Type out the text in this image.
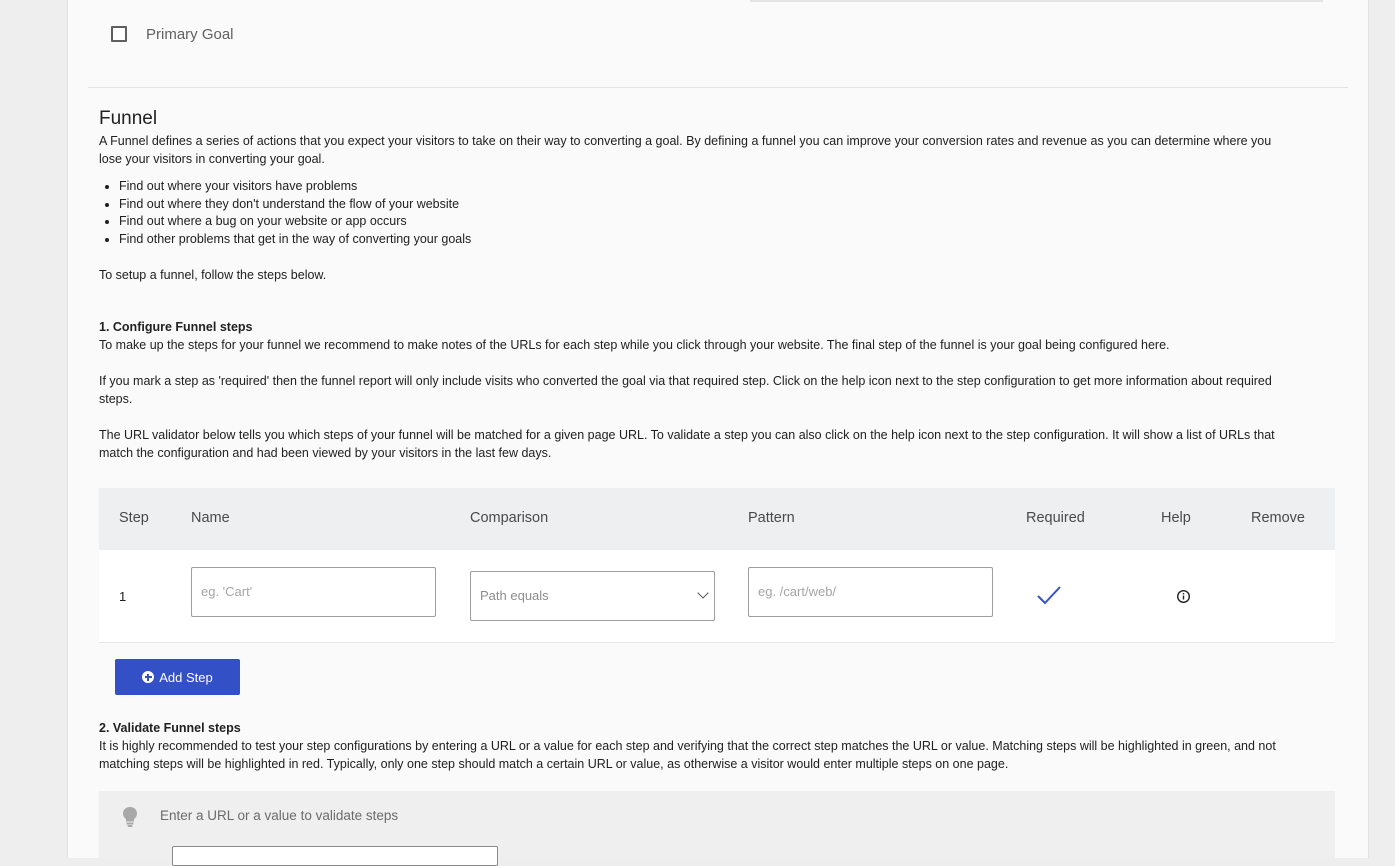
Primary Goal
Funnel
A Funnel defines a series of actions that you expect your visitors to take on their way to converting a goal. By defining a funnel you can improve your conversion rates and revenue as you can determine where you
lose your visitors in converting your goal.
• Find out where your visitors have problems
• Find out where they don't understand the flow of your website
• Find out where a bug on your website or app occurs
• Find other problems that get in the way of converting your goals
To setup a funnel, follow the steps below.
1. Configure Funnel steps
To make up the steps for your funnel we recommend to make notes of the URLs for each step while you click through your website. The final step of the funnel is your goal being configured here.
If you mark a step as 'required' then the funnel report will only include visits who converted the goal via that required step. Click on the help icon next to the step configuration to get more information about required
steps.
The URL validator below tells you which steps of your funnel will be matched for a given page URL. To validate a step you can also click on the help icon next to the step configuration. It will show a list of URLs that
match the configuration and had been viewed by your visitors in the last few days.
Step	Name	Comparison	Pattern	Required	Help	Remove
1	eg. 'Cart'	Path equals	eg. /cart/web/
Add Step
2. Validate Funnel steps
It is highly recommended to test your step configurations by entering a URL or a value for each step and verifying that the correct step matches the URL or value. Matching steps will be highlighted in green, and not
matching steps will be highlighted in red. Typically, only one step should match a certain URL or value, as otherwise a visitor would enter multiple steps on one page.
Enter a URL or a value to validate steps
